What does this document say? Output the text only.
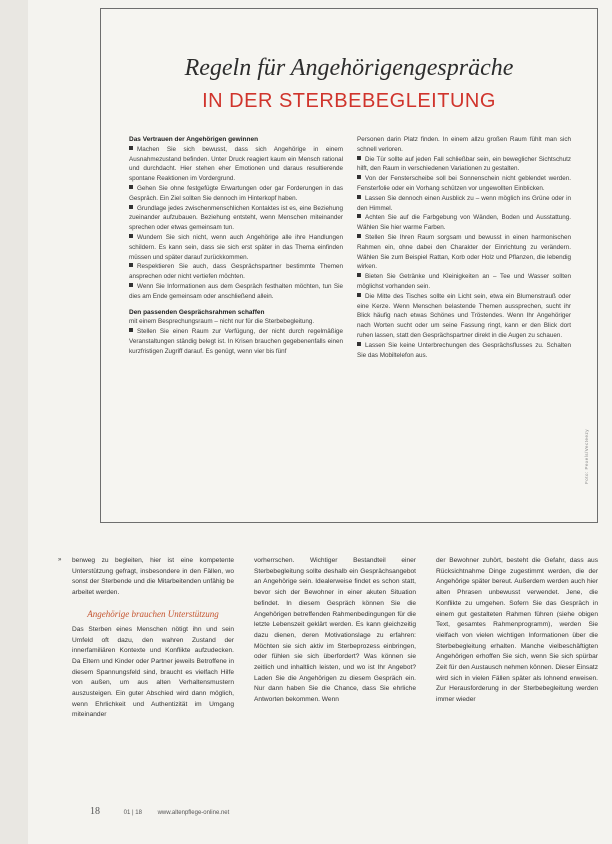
Regeln für Angehörigengespräche
IN DER STERBEBEGLEITUNG
Das Vertrauen der Angehörigen gewinnen

Machen Sie sich bewusst, dass sich Angehörige in einem Ausnahmezustand befinden. Unter Druck reagiert kaum ein Mensch rational und durchdacht. Hier stehen eher Emotionen und daraus resultierende spontane Reaktionen im Vordergrund.

Gehen Sie ohne festgefügte Erwartungen oder gar Forderungen in das Gespräch. Ein Ziel sollten Sie dennoch im Hinterkopf haben.

Grundlage jedes zwischenmenschlichen Kontaktes ist es, eine Beziehung zueinander aufzubauen. Beziehung entsteht, wenn Menschen miteinander sprechen oder etwas gemeinsam tun.

Wundern Sie sich nicht, wenn auch Angehörige alle ihre Handlungen schildern. Es kann sein, dass sie sich erst später in das Thema einfinden müssen und später darauf zurückkommen.

Respektieren Sie auch, dass Gesprächspartner bestimmte Themen ansprechen oder nicht vertiefen möchten.

Wenn Sie Informationen aus dem Gespräch festhalten möchten, tun Sie dies am Ende gemeinsam oder anschließend allein.

Den passenden Gesprächsrahmen schaffen

mit einem Besprechungsraum – nicht nur für die Sterbebegleitung.

Stellen Sie einen Raum zur Verfügung, der nicht durch regelmäßige Veranstaltungen ständig belegt ist. In Krisen brauchen gegebenenfalls einen kurzfristigen Zugriff darauf. Es genügt, wenn vier bis fünf

Personen darin Platz finden. In einem allzu großen Raum fühlt man sich schnell verloren.

Die Tür sollte auf jeden Fall schließbar sein, ein beweglicher Sichtschutz hilft, den Raum in verschiedenen Variationen zu gestalten.

Von der Fensterscheibe soll bei Sonnenschein nicht geblendet werden. Fensterfolie oder ein Vorhang schützen vor ungewollten Einblicken.

Lassen Sie dennoch einen Ausblick zu – wenn möglich ins Grüne oder in den Himmel.

Achten Sie auf die Farbgebung von Wänden, Boden und Ausstattung. Wählen Sie hier warme Farben.

Stellen Sie Ihren Raum sorgsam und bewusst in einen harmonischen Rahmen ein, ohne dabei den Charakter der Einrichtung zu verändern. Wählen Sie zum Beispiel Rattan, Korb oder Holz und Pflanzen, die lebendig wirken.

Bieten Sie Getränke und Kleinigkeiten an – Tee und Wasser sollten möglichst vorhanden sein.

Die Mitte des Tisches sollte ein Licht sein, etwa ein Blumenstrauß oder eine Kerze. Wenn Menschen belastende Themen aussprechen, sucht ihr Blick häufig nach etwas Schönes und Tröstendes. Wenn Ihr Angehöriger nach Worten sucht oder um seine Fassung ringt, kann er den Blick dort ruhen lassen, statt den Gesprächspartner direkt in die Augen zu schauen.

Lassen Sie keine Unterbrechungen des Gesprächsflusses zu. Schalten Sie das Mobiltelefon aus.

Foto: Pexels/Vecteezy
» benweg zu begleiten, hier ist eine kompetente Unterstützung gefragt, insbesondere in den Fällen, wo sonst der Sterbende und die Mitarbeitenden unfähig be arbeitet werden.

Angehörige brauchen Unterstützung

Das Sterben eines Menschen nötigt ihn und sein Umfeld oft dazu, den wahren Zustand der innerfamiliären Kontexte und Konflikte aufzudecken. Da Eltern und Kinder oder Partner jeweils Betroffene in diesem Spannungsfeld sind, braucht es vielfach Hilfe von außen, um aus alten Verhaltensmustern auszusteigen. Ein guter Abschied wird dann möglich, wenn Ehrlichkeit und Authentizität im Umgang miteinander

vorherrschen. Wichtiger Bestandteil einer Sterbebegleitung sollte deshalb ein Gesprächsangebot an Angehörige sein. Idealerweise findet es schon statt, bevor sich der Bewohner in einer akuten Situation befindet. In diesem Gespräch können Sie die Angehörigen betreffenden Rahmenbedingungen für die letzte Lebenszeit geklärt werden. Es kann gleichzeitig dazu dienen, deren Motivationslage zu erfahren: Möchten sie sich aktiv im Sterbeprozess einbringen, oder fühlen sie sich überfordert? Was können sie zeitlich und inhaltlich leisten, und wo ist Ihr Angebot? Laden Sie die Angehörigen zu diesem Gespräch ein. Nur dann haben Sie die Chance, dass Sie ehrliche Antworten bekommen. Wenn

der Bewohner zuhört, besteht die Gefahr, dass aus Rücksichtnahme Dinge zugestimmt werden, die der Angehörige später bereut. Außerdem werden auch hier alten Phrasen unbewusst verwendet. Jene, die Konflikte zu umgehen. Sofern Sie das Gespräch in einem gut gestalteten Rahmen führen (siehe obigen Text, gesamtes Rahmenprogramm), werden Sie vielfach von vielen wichtigen Informationen über die Sterbebegleitung erhalten. Manche vielbeschäftigten Angehörigen erhoffen Sie sich, wenn Sie sich spürbar Zeit für den Austausch nehmen können. Dieser Einsatz wird sich in vielen Fällen später als lohnend erweisen. Zur Herausforderung in der Sterbebegleitung werden immer wieder

18	01 | 18	www.altenpflege-online.net
